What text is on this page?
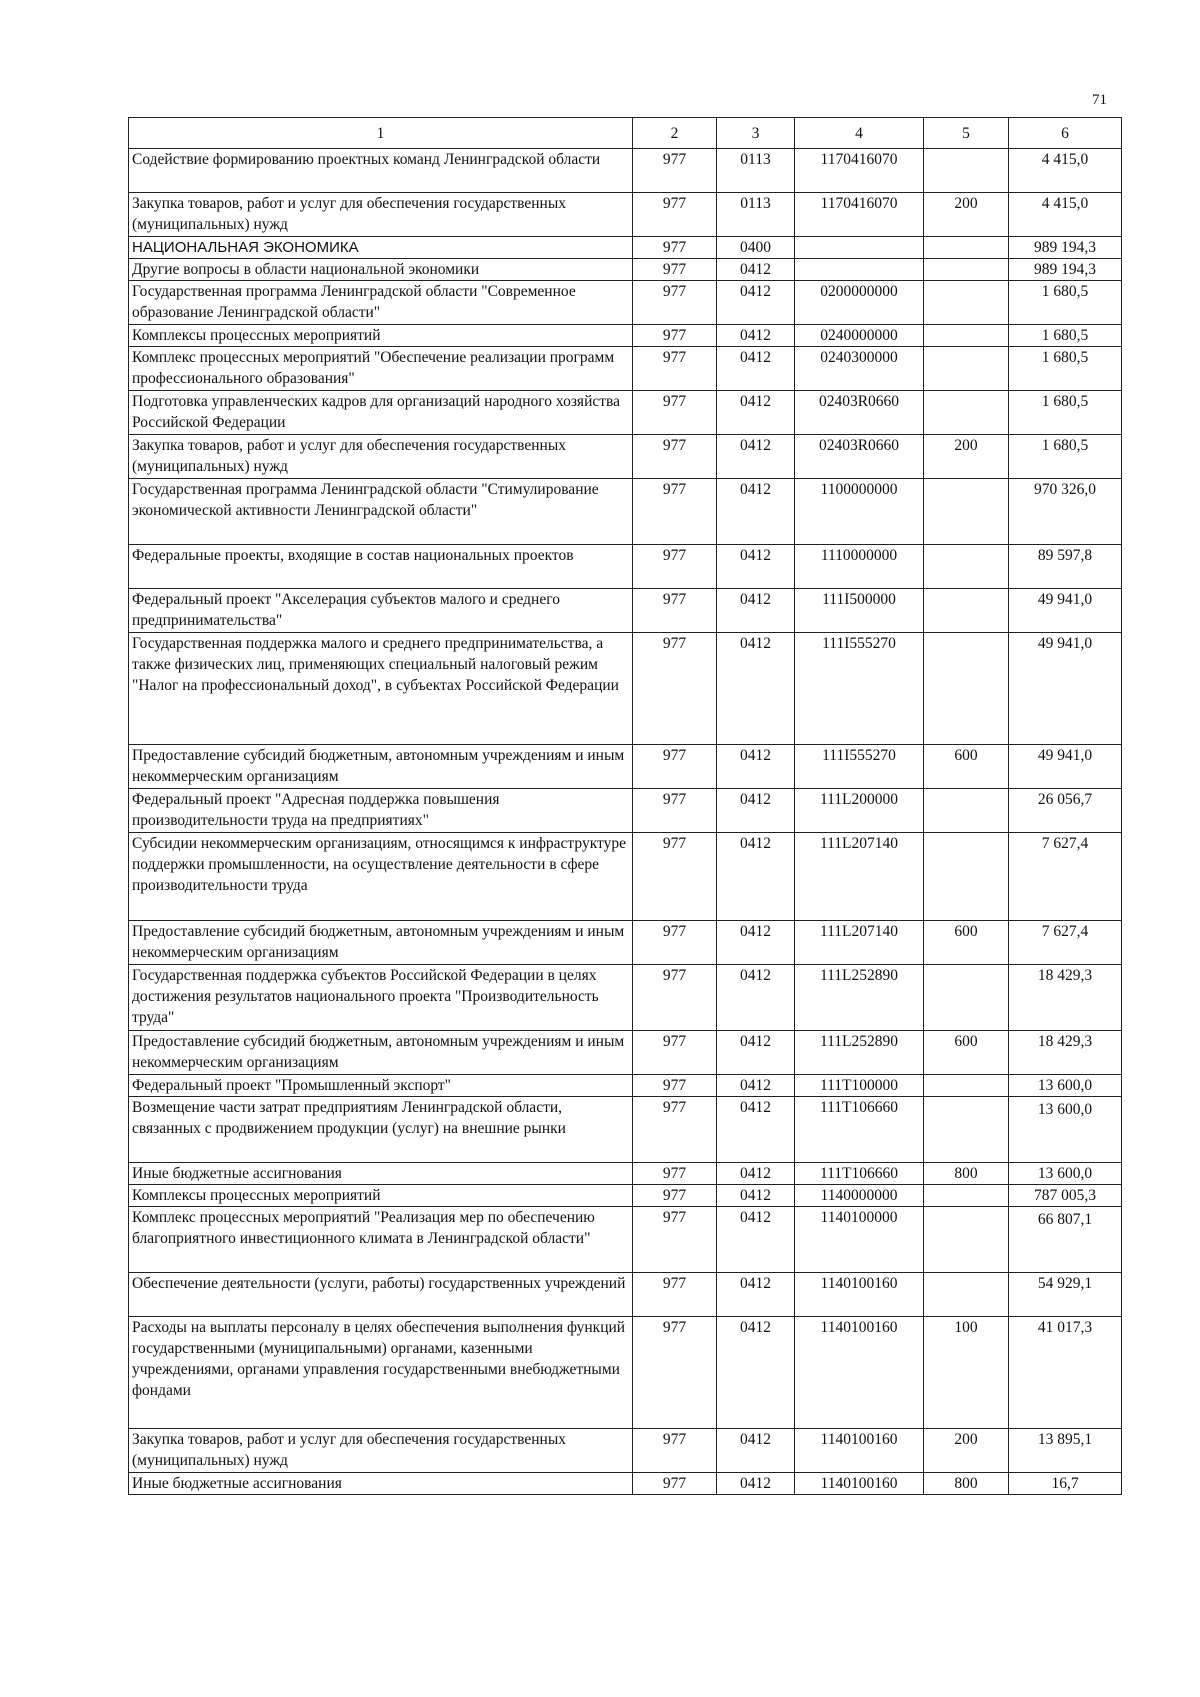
71
1	2	3	4	5	6
Содействие формированию проектных команд Ленинградской области	977	0113	1170416070		4 415,0
Закупка товаров, работ и услуг для обеспечения государственных (муниципальных) нужд	977	0113	1170416070	200	4 415,0
НАЦИОНАЛЬНАЯ ЭКОНОМИКА	977	0400			989 194,3
Другие вопросы в области национальной экономики	977	0412			989 194,3
Государственная программа Ленинградской области "Современное образование Ленинградской области"	977	0412	0200000000		1 680,5
Комплексы процессных мероприятий	977	0412	0240000000		1 680,5
Комплекс процессных мероприятий "Обеспечение реализации программ профессионального образования"	977	0412	0240300000		1 680,5
Подготовка управленческих кадров для организаций народного хозяйства Российской Федерации	977	0412	02403R0660		1 680,5
Закупка товаров, работ и услуг для обеспечения государственных (муниципальных) нужд	977	0412	02403R0660	200	1 680,5
Государственная программа Ленинградской области "Стимулирование экономической активности Ленинградской области"	977	0412	1100000000		970 326,0
Федеральные проекты, входящие в состав национальных проектов	977	0412	1110000000		89 597,8
Федеральный проект "Акселерация субъектов малого и среднего предпринимательства"	977	0412	111I500000		49 941,0
Государственная поддержка малого и среднего предпринимательства, а также физических лиц, применяющих специальный налоговый режим "Налог на профессиональный доход", в субъектах Российской Федерации	977	0412	111I555270		49 941,0
Предоставление субсидий бюджетным, автономным учреждениям и иным некоммерческим организациям	977	0412	111I555270	600	49 941,0
Федеральный проект "Адресная поддержка повышения производительности труда на предприятиях"	977	0412	111L200000		26 056,7
Субсидии некоммерческим организациям, относящимся к инфраструктуре поддержки промышленности, на осуществление деятельности в сфере производительности труда	977	0412	111L207140		7 627,4
Предоставление субсидий бюджетным, автономным учреждениям и иным некоммерческим организациям	977	0412	111L207140	600	7 627,4
Государственная поддержка субъектов Российской Федерации в целях достижения результатов национального проекта "Производительность труда"	977	0412	111L252890		18 429,3
Предоставление субсидий бюджетным, автономным учреждениям и иным некоммерческим организациям	977	0412	111L252890	600	18 429,3
Федеральный проект "Промышленный экспорт"	977	0412	111T100000		13 600,0
Возмещение части затрат предприятиям Ленинградской области, связанных с продвижением продукции (услуг) на внешние рынки	977	0412	111T106660		13 600,0
Иные бюджетные ассигнования	977	0412	111T106660	800	13 600,0
Комплексы процессных мероприятий	977	0412	1140000000		787 005,3
Комплекс процессных мероприятий "Реализация мер по обеспечению благоприятного инвестиционного климата в Ленинградской области"	977	0412	1140100000		66 807,1
Обеспечение деятельности (услуги, работы) государственных учреждений	977	0412	1140100160		54 929,1
Расходы на выплаты персоналу в целях обеспечения выполнения функций государственными (муниципальными) органами, казенными учреждениями, органами управления государственными внебюджетными фондами	977	0412	1140100160	100	41 017,3
Закупка товаров, работ и услуг для обеспечения государственных (муниципальных) нужд	977	0412	1140100160	200	13 895,1
Иные бюджетные ассигнования	977	0412	1140100160	800	16,7
